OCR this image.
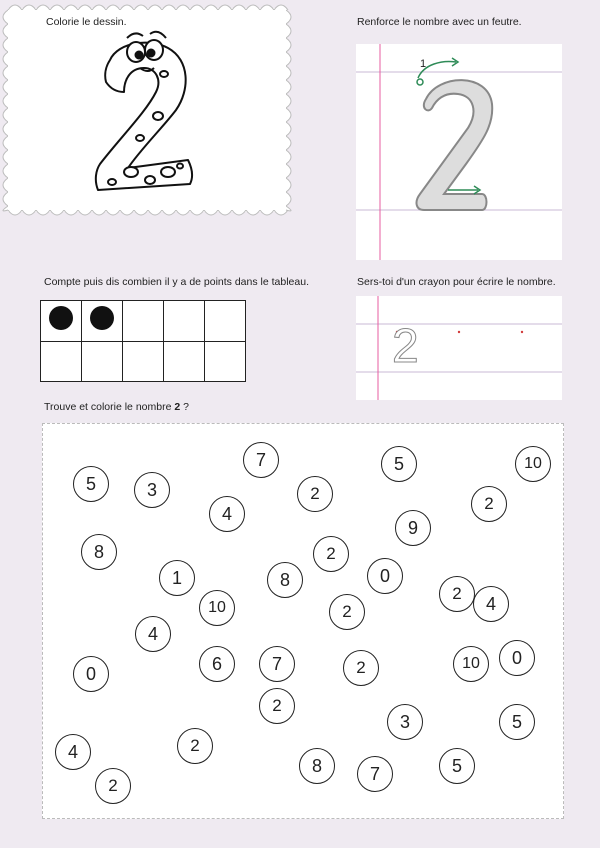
Colorie le dessin.	Renforce le nombre avec un feutre.
Compte puis dis combien il y a de points dans le tableau.	Sers-toi d'un crayon pour écrire le nombre.
Trouve et colorie le nombre 2 ?
1

2
5	3
7
4
2
5	10
2
8
1	8
2
9
0
2
10	2	4
4
0	6	7	2	10	0
2
3	5
4	2
8	7	5
2
